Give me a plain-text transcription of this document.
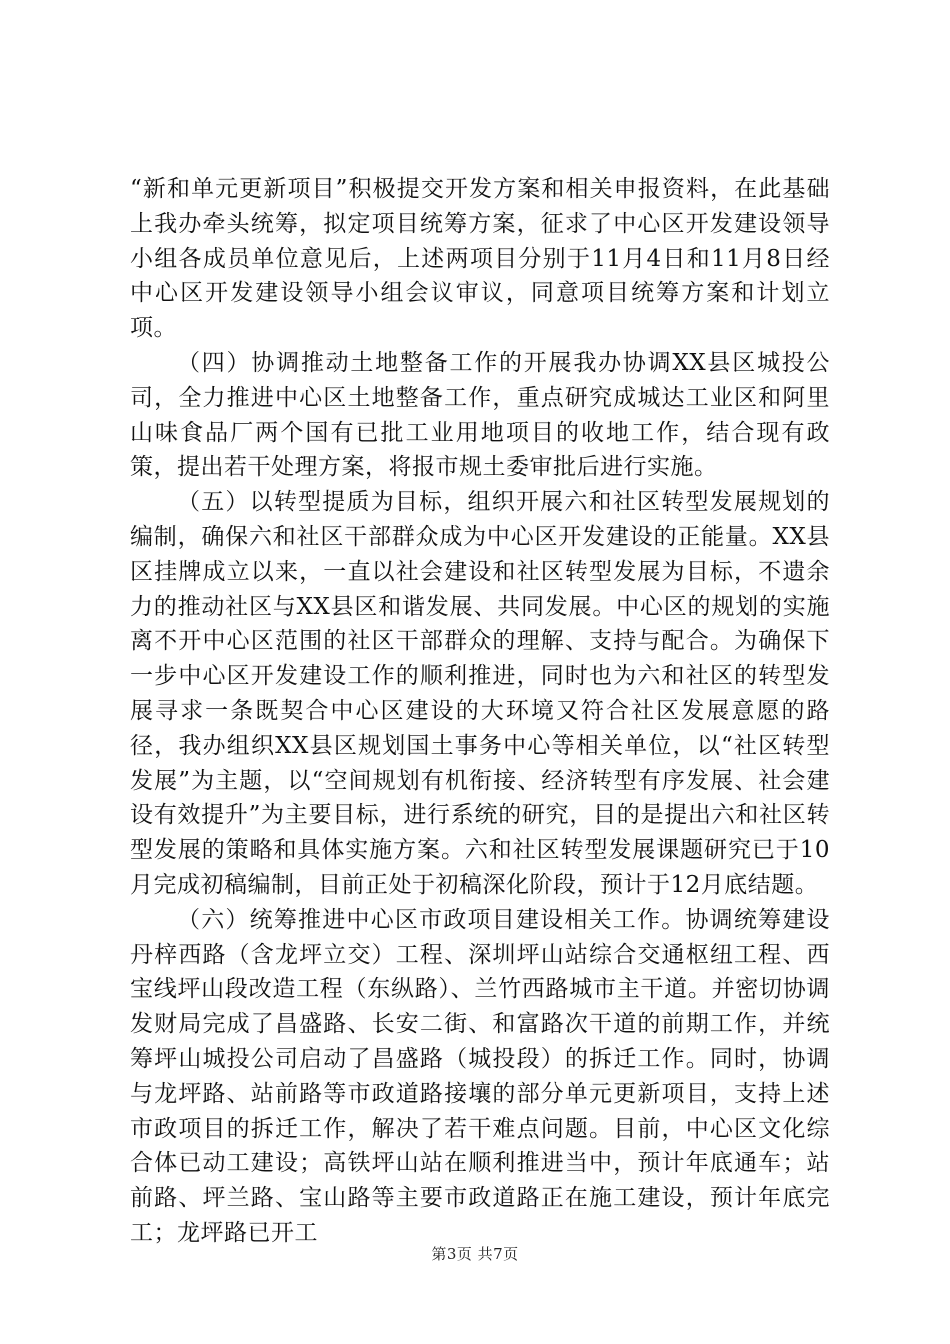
“新和单元更新项目”积极提交开发方案和相关申报资料，在此基础上我办牵头统筹，拟定项目统筹方案，征求了中心区开发建设领导小组各成员单位意见后，上述两项目分别于11月4日和11月8日经中心区开发建设领导小组会议审议，同意项目统筹方案和计划立项。

（四）协调推动土地整备工作的开展我办协调XX县区城投公司，全力推进中心区土地整备工作，重点研究成城达工业区和阿里山味食品厂两个国有已批工业用地项目的收地工作，结合现有政策，提出若干处理方案，将报市规土委审批后进行实施。

（五）以转型提质为目标，组织开展六和社区转型发展规划的编制，确保六和社区干部群众成为中心区开发建设的正能量。XX县区挂牌成立以来，一直以社会建设和社区转型发展为目标，不遗余力的推动社区与XX县区和谐发展、共同发展。中心区的规划的实施离不开中心区范围的社区干部群众的理解、支持与配合。为确保下一步中心区开发建设工作的顺利推进，同时也为六和社区的转型发展寻求一条既契合中心区建设的大环境又符合社区发展意愿的路径，我办组织XX县区规划国土事务中心等相关单位，以“社区转型发展”为主题，以“空间规划有机衔接、经济转型有序发展、社会建设有效提升”为主要目标，进行系统的研究，目的是提出六和社区转型发展的策略和具体实施方案。六和社区转型发展课题研究已于10月完成初稿编制，目前正处于初稿深化阶段，预计于12月底结题。

（六）统筹推进中心区市政项目建设相关工作。协调统筹建设丹梓西路（含龙坪立交）工程、深圳坪山站综合交通枢纽工程、西宝线坪山段改造工程（东纵路）、兰竹西路城市主干道。并密切协调发财局完成了昌盛路、长安二街、和富路次干道的前期工作，并统筹坪山城投公司启动了昌盛路（城投段）的拆迁工作。同时，协调与龙坪路、站前路等市政道路接壤的部分单元更新项目，支持上述市政项目的拆迁工作，解决了若干难点问题。目前，中心区文化综合体已动工建设；高铁坪山站在顺利推进当中，预计年底通车；站前路、坪兰路、宝山路等主要市政道路正在施工建设，预计年底完工；龙坪路已开工

第3页 共7页
